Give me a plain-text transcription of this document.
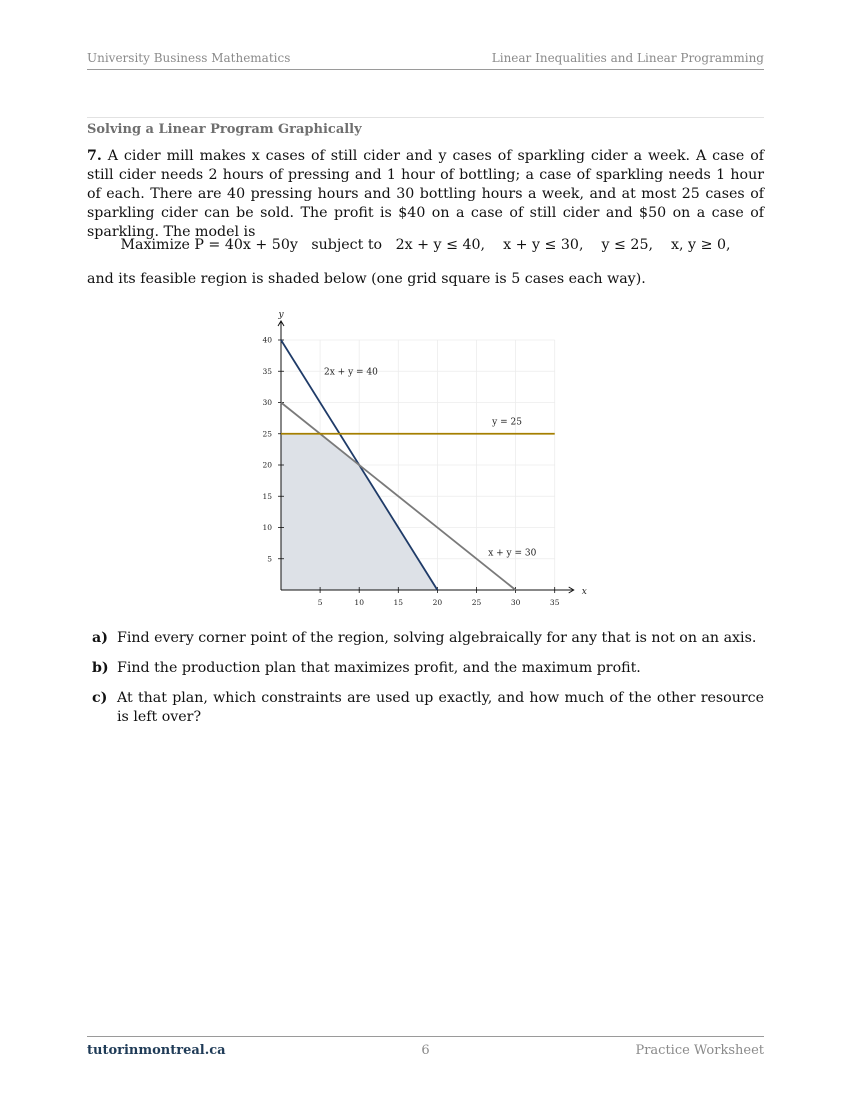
University Business Mathematics	Linear Inequalities and Linear Programming
Solving a Linear Program Graphically
7. A cider mill makes x cases of still cider and y cases of sparkling cider a week. A case of still cider needs 2 hours of pressing and 1 hour of bottling; a case of sparkling needs 1 hour of each. There are 40 pressing hours and 30 bottling hours a week, and at most 25 cases of sparkling cider can be sold. The profit is $40 on a case of still cider and $50 on a case of sparkling. The model is
Maximize P = 40x + 50y   subject to   2x + y ≤ 40,    x + y ≤ 30,    y ≤ 25,    x, y ≥ 0,
and its feasible region is shaded below (one grid square is 5 cases each way).
5	10	15	20	25	30	35
5
10
15
20
25
30
35
40
x
y
2x + y = 40
x + y = 30
y = 25
a) Find every corner point of the region, solving algebraically for any that is not on an axis.
b) Find the production plan that maximizes profit, and the maximum profit.
c) At that plan, which constraints are used up exactly, and how much of the other resource is left over?
tutorinmontreal.ca	6	Practice Worksheet
